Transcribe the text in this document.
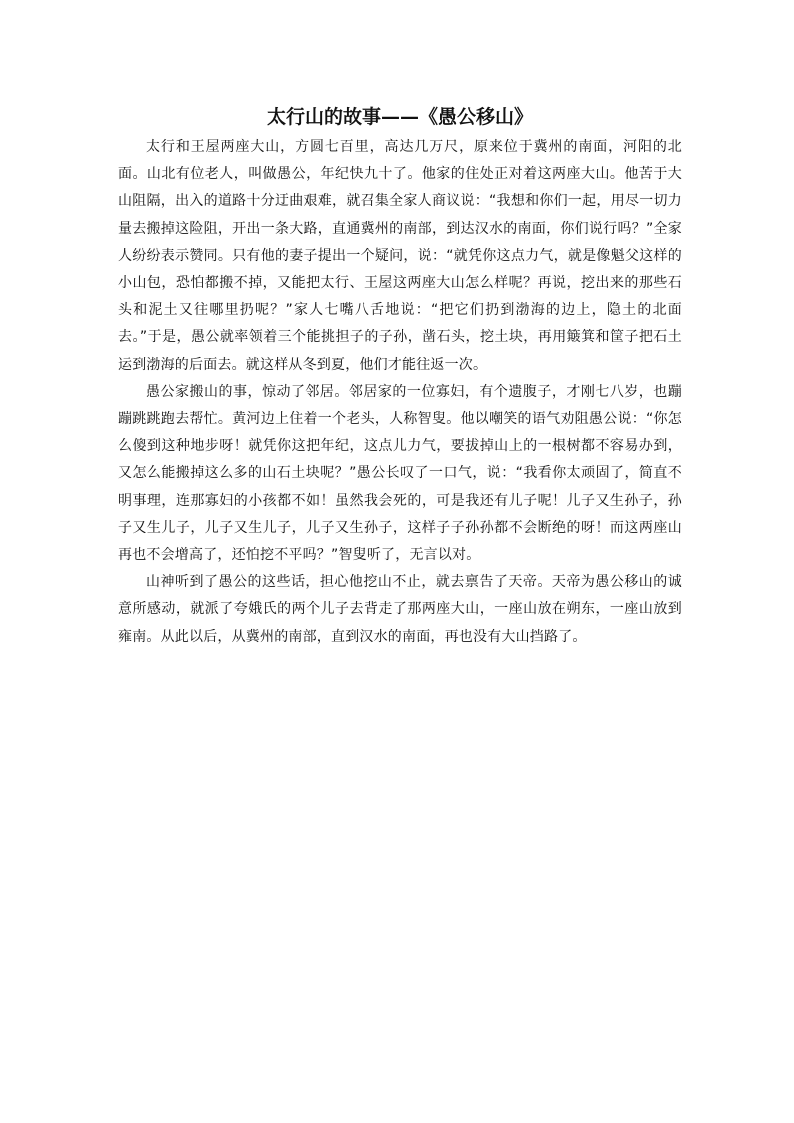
太行山的故事——《愚公移山》

太行和王屋两座大山，方圆七百里，高达几万尺，原来位于冀州的南面，河阳的北面。山北有位老人，叫做愚公，年纪快九十了。他家的住处正对着这两座大山。他苦于大山阻隔，出入的道路十分迂曲艰难，就召集全家人商议说：“我想和你们一起，用尽一切力量去搬掉这险阻，开出一条大路，直通冀州的南部，到达汉水的南面，你们说行吗？”全家人纷纷表示赞同。只有他的妻子提出一个疑问，说：“就凭你这点力气，就是像魁父这样的小山包，恐怕都搬不掉，又能把太行、王屋这两座大山怎么样呢？再说，挖出来的那些石头和泥土又往哪里扔呢？”家人七嘴八舌地说：“把它们扔到渤海的边上，隐土的北面去。”于是，愚公就率领着三个能挑担子的子孙，凿石头，挖土块，再用簸箕和筐子把石土运到渤海的后面去。就这样从冬到夏，他们才能往返一次。

愚公家搬山的事，惊动了邻居。邻居家的一位寡妇，有个遗腹子，才刚七八岁，也蹦蹦跳跳跑去帮忙。黄河边上住着一个老头，人称智叟。他以嘲笑的语气劝阻愚公说：“你怎么傻到这种地步呀！就凭你这把年纪，这点儿力气，要拔掉山上的一根树都不容易办到，又怎么能搬掉这么多的山石土块呢？”愚公长叹了一口气，说：“我看你太顽固了，简直不明事理，连那寡妇的小孩都不如！虽然我会死的，可是我还有儿子呢！儿子又生孙子，孙子又生儿子，儿子又生儿子，儿子又生孙子，这样子子孙孙都不会断绝的呀！而这两座山再也不会增高了，还怕挖不平吗？”智叟听了，无言以对。

山神听到了愚公的这些话，担心他挖山不止，就去禀告了天帝。天帝为愚公移山的诚意所感动，就派了夸娥氏的两个儿子去背走了那两座大山，一座山放在朔东，一座山放到雍南。从此以后，从冀州的南部，直到汉水的南面，再也没有大山挡路了。
